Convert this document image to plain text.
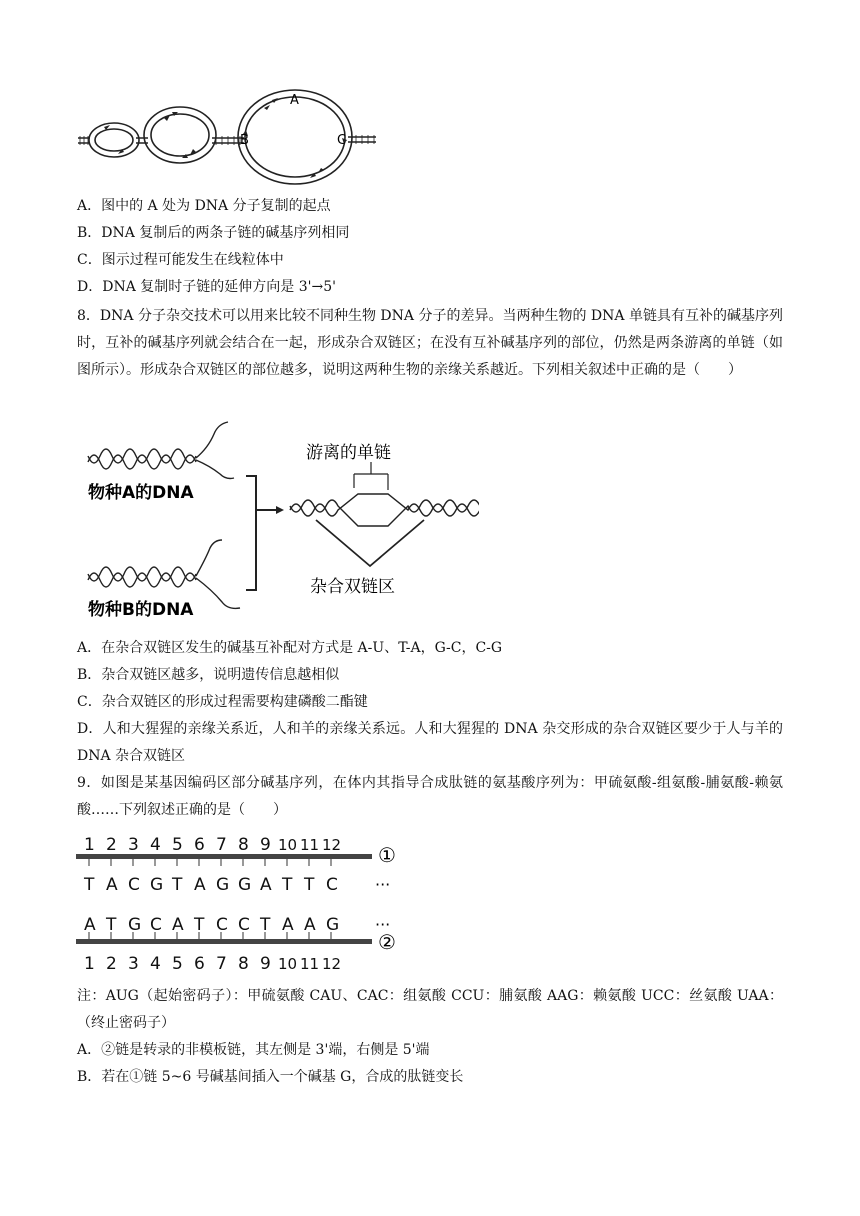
A
B	C
A．图中的 A 处为 DNA 分子复制的起点
B．DNA 复制后的两条子链的碱基序列相同
C．图示过程可能发生在线粒体中
D．DNA 复制时子链的延伸方向是 3'→5'
8．DNA 分子杂交技术可以用来比较不同种生物 DNA 分子的差异。当两种生物的 DNA 单链具有互补的碱基序列时，互补的碱基序列就会结合在一起，形成杂合双链区；在没有互补碱基序列的部位，仍然是两条游离的单链（如图所示）。形成杂合双链区的部位越多，说明这两种生物的亲缘关系越近。下列相关叙述中正确的是（　　）
物种A的DNA
物种B的DNA
游离的单链
杂合双链区
A．在杂合双链区发生的碱基互补配对方式是 A-U、T-A，G-C，C-G
B．杂合双链区越多，说明遗传信息越相似
C．杂合双链区的形成过程需要构建磷酸二酯键
D．人和大猩猩的亲缘关系近，人和羊的亲缘关系远。人和大猩猩的 DNA 杂交形成的杂合双链区要少于人与羊的 DNA 杂合双链区
9．如图是某基因编码区部分碱基序列，在体内其指导合成肽链的氨基酸序列为：甲硫氨酸-组氨酸-脯氨酸-赖氨酸……下列叙述正确的是（　　）
1
T
A
1
2
A
T
2
3
C
G
3
4
G
C
4
5
T
A
5
6
A
T
6
7
G
C
7
8
G
C
8
9
A
T
9
10
T
A
10
11
T
A
11
12
C
G
12
···
···
①
②
注：AUG（起始密码子）：甲硫氨酸 CAU、CAC：组氨酸 CCU：脯氨酸 AAG：赖氨酸 UCC：丝氨酸 UAA：（终止密码子）
A．②链是转录的非模板链，其左侧是 3'端，右侧是 5'端
B．若在①链 5~6 号碱基间插入一个碱基 G，合成的肽链变长
